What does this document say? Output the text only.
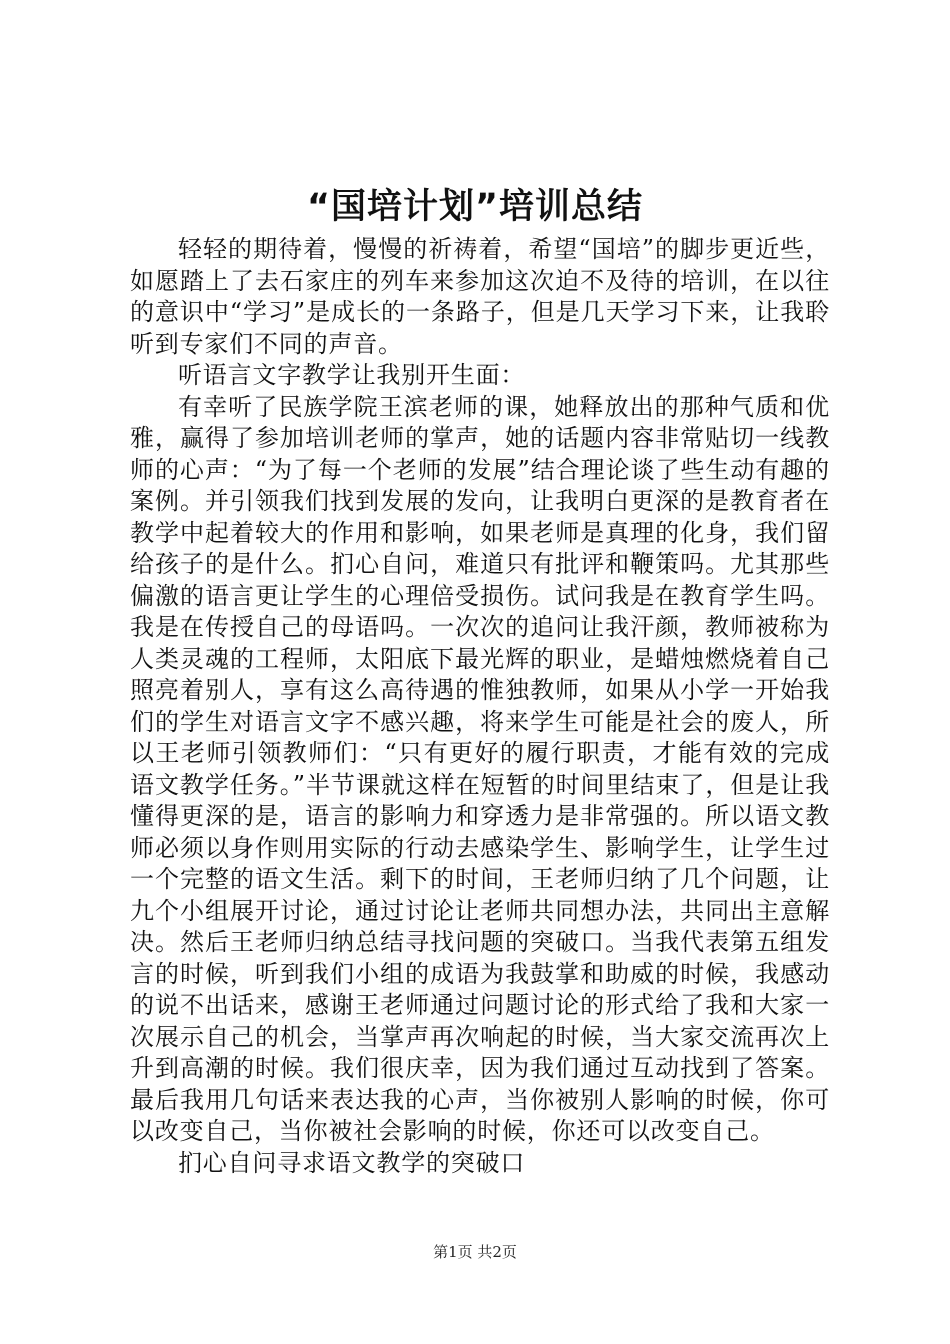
“国培计划”培训总结

轻轻的期待着，慢慢的祈祷着，希望“国培”的脚步更近些，如愿踏上了去石家庄的列车来参加这次迫不及待的培训，在以往的意识中“学习”是成长的一条路子，但是几天学习下来，让我聆听到专家们不同的声音。

听语言文字教学让我别开生面：

有幸听了民族学院王滨老师的课，她释放出的那种气质和优雅，赢得了参加培训老师的掌声，她的话题内容非常贴切一线教师的心声：“为了每一个老师的发展”结合理论谈了些生动有趣的案例。并引领我们找到发展的发向，让我明白更深的是教育者在教学中起着较大的作用和影响，如果老师是真理的化身，我们留给孩子的是什么。扪心自问，难道只有批评和鞭策吗。尤其那些偏激的语言更让学生的心理倍受损伤。试问我是在教育学生吗。我是在传授自己的母语吗。一次次的追问让我汗颜，教师被称为人类灵魂的工程师，太阳底下最光辉的职业，是蜡烛燃烧着自己照亮着别人，享有这么高待遇的惟独教师，如果从小学一开始我们的学生对语言文字不感兴趣，将来学生可能是社会的废人，所以王老师引领教师们：“只有更好的履行职责，才能有效的完成语文教学任务。”半节课就这样在短暂的时间里结束了，但是让我懂得更深的是，语言的影响力和穿透力是非常强的。所以语文教师必须以身作则用实际的行动去感染学生、影响学生，让学生过一个完整的语文生活。剩下的时间，王老师归纳了几个问题，让九个小组展开讨论，通过讨论让老师共同想办法，共同出主意解决。然后王老师归纳总结寻找问题的突破口。当我代表第五组发言的时候，听到我们小组的成语为我鼓掌和助威的时候，我感动的说不出话来，感谢王老师通过问题讨论的形式给了我和大家一次展示自己的机会，当掌声再次响起的时候，当大家交流再次上升到高潮的时候。我们很庆幸，因为我们通过互动找到了答案。最后我用几句话来表达我的心声，当你被别人影响的时候，你可以改变自己，当你被社会影响的时候，你还可以改变自己。

扪心自问寻求语文教学的突破口

第1页 共2页
